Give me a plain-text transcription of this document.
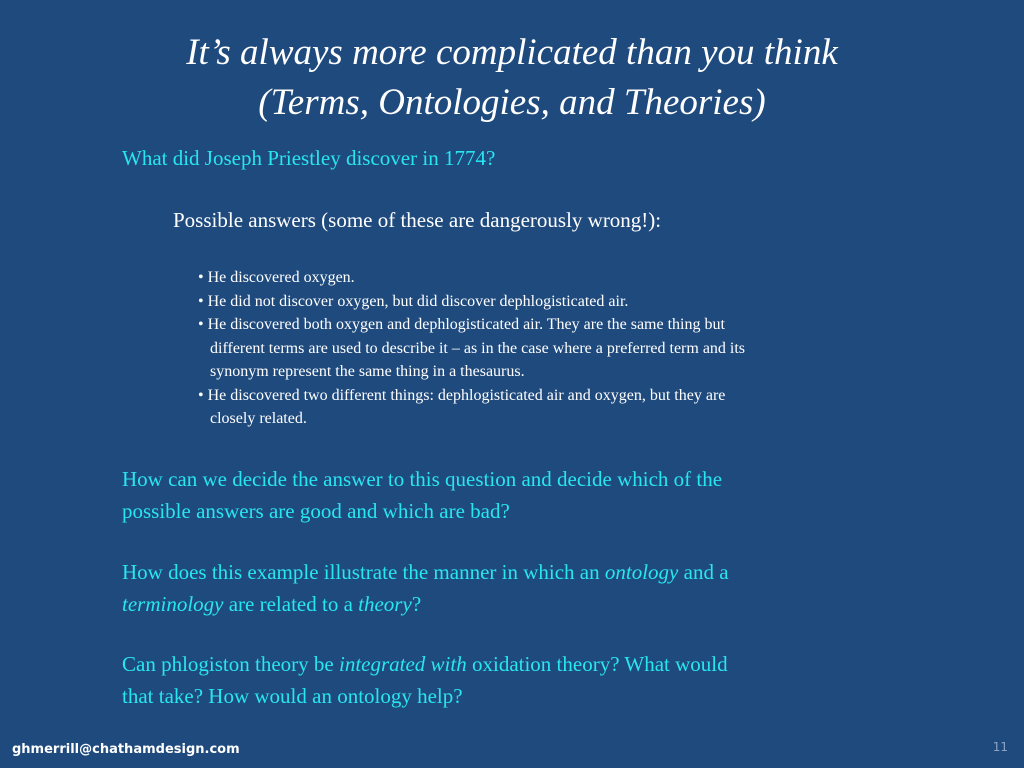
It’s always more complicated than you think
(Terms, Ontologies, and Theories)
What did Joseph Priestley discover in 1774?
Possible answers (some of these are dangerously wrong!):
• He discovered oxygen.
• He did not discover oxygen, but did discover dephlogisticated air.
• He discovered both oxygen and dephlogisticated air. They are the same thing but
different terms are used to describe it – as in the case where a preferred term and its
synonym represent the same thing in a thesaurus.
• He discovered two different things: dephlogisticated air and oxygen, but they are
closely related.
How can we decide the answer to this question and decide which of the
possible answers are good and which are bad?
How does this example illustrate the manner in which an ontology and a
terminology are related to a theory?
Can phlogiston theory be integrated with oxidation theory? What would
that take? How would an ontology help?
ghmerrill@chathamdesign.com	11
